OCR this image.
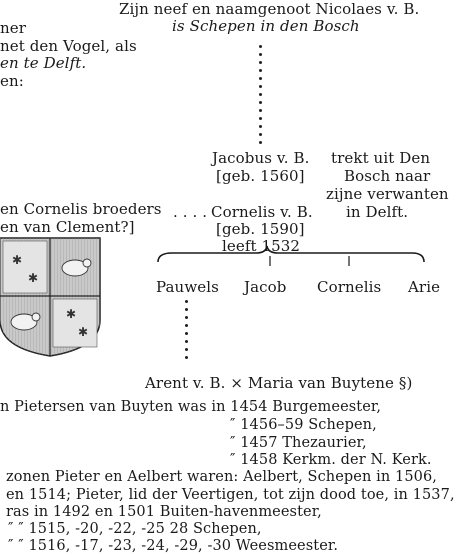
Zijn neef en naamgenoot Nicolaes v. B.
is Schepen in den Bosch
ner
net den Vogel, als
en te Delft.
en:
Jacobus v. B.
[geb. 1560]
trekt uit Den
Bosch naar
zijne verwanten
in Delft.
en Cornelis broeders
en van Clement?]
. . . . Cornelis v. B.
[geb. 1590]
leeft 1532
Pauwels Jacob Cornelis Arie
✱
✱
✱
✱
Arent v. B. × Maria van Buytene §)
n Pietersen van Buyten was in 1454 Burgemeester,
″ 1456–59 Schepen,
″ 1457 Thezaurier,
″ 1458 Kerkm. der N. Kerk.
zonen Pieter en Aelbert waren: Aelbert, Schepen in 1506,
en 1514; Pieter, lid der Veertigen, tot zijn dood toe, in 1537,
ras in 1492 en 1501 Buiten-havenmeester,
″ ″ 1515, -20, -22, -25 28 Schepen,
″ ″ 1516, -17, -23, -24, -29, -30 Weesmeester.
